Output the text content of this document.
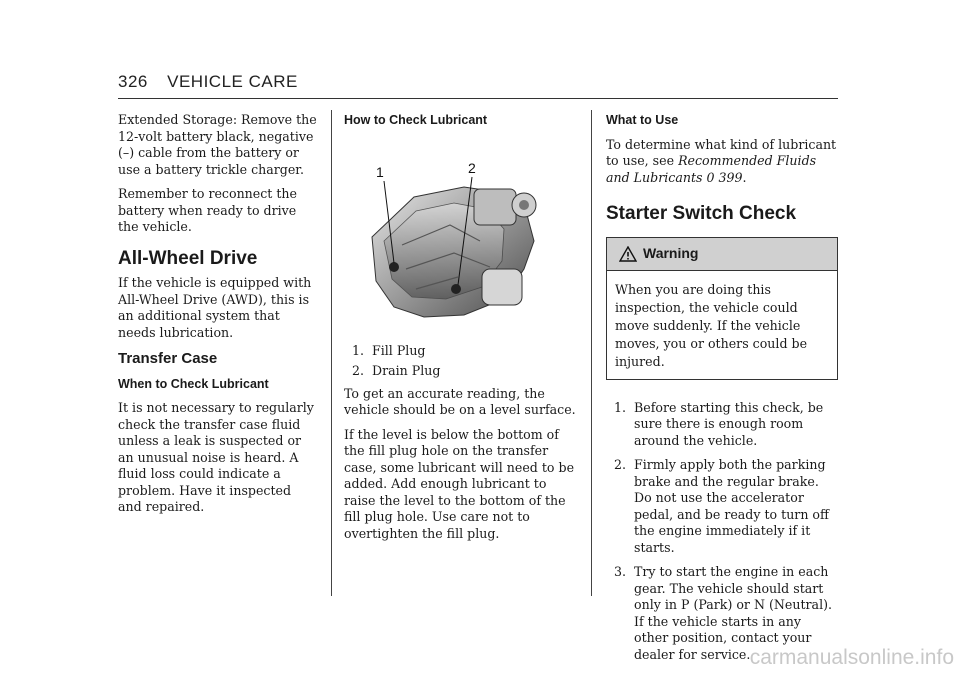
326 VEHICLE CARE

Extended Storage: Remove the 12-volt battery black, negative (–) cable from the battery or use a battery trickle charger.

Remember to reconnect the battery when ready to drive the vehicle.

All-Wheel Drive

If the vehicle is equipped with All-Wheel Drive (AWD), this is an additional system that needs lubrication.

Transfer Case
When to Check Lubricant

It is not necessary to regularly check the transfer case fluid unless a leak is suspected or an unusual noise is heard. A fluid loss could indicate a problem. Have it inspected and repaired.

How to Check Lubricant
1	2
1. Fill Plug
2. Drain Plug

To get an accurate reading, the vehicle should be on a level surface.

If the level is below the bottom of the fill plug hole on the transfer case, some lubricant will need to be added. Add enough lubricant to raise the level to the bottom of the fill plug hole. Use care not to overtighten the fill plug.

What to Use

To determine what kind of lubricant to use, see Recommended Fluids and Lubricants 0 399.

Starter Switch Check
Warning
When you are doing this inspection, the vehicle could move suddenly. If the vehicle moves, you or others could be injured.
1. Before starting this check, be sure there is enough room around the vehicle.
2. Firmly apply both the parking brake and the regular brake. Do not use the accelerator pedal, and be ready to turn off the engine immediately if it starts.
3. Try to start the engine in each gear. The vehicle should start only in P (Park) or N (Neutral). If the vehicle starts in any other position, contact your dealer for service. carmanualsonline.info
